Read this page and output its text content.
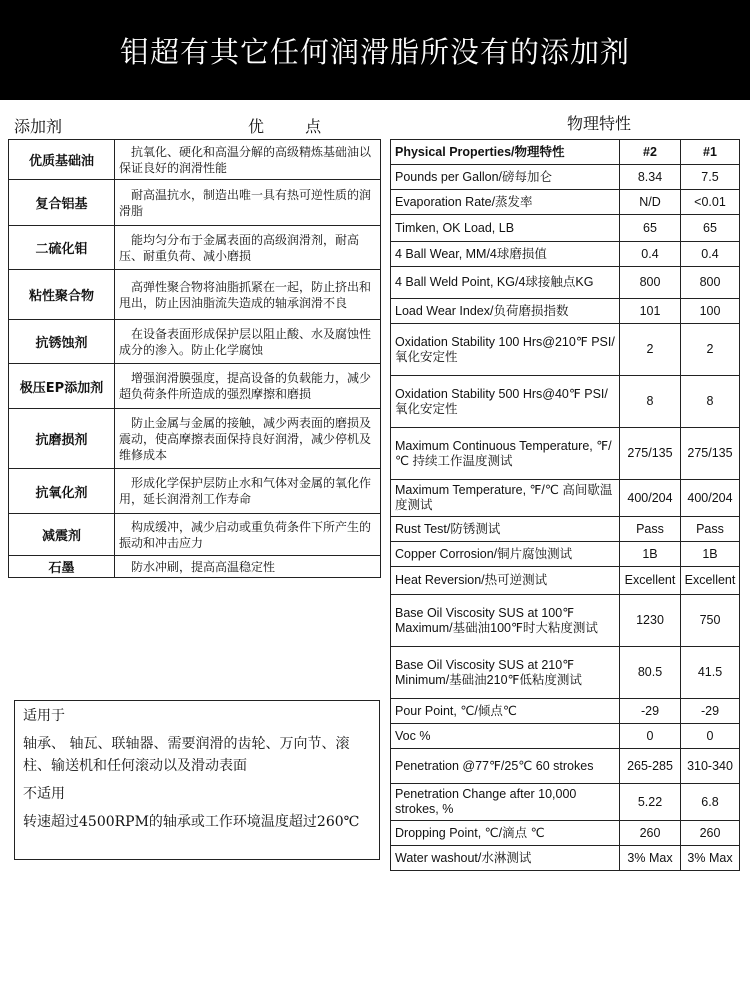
钼超有其它任何润滑脂所没有的添加剂
添加剂	优 点	物理特性
优质基础油	抗氧化、硬化和高温分解的高级精炼基础油以保证良好的润滑性能
复合铝基	耐高温抗水，制造出唯一具有热可逆性质的润滑脂
二硫化钼	能均匀分布于金属表面的高级润滑剂，耐高压、耐重负荷、减小磨损
粘性聚合物	高弹性聚合物将油脂抓紧在一起，防止挤出和甩出，防止因油脂流失造成的轴承润滑不良
抗锈蚀剂	在设备表面形成保护层以阻止酸、水及腐蚀性成分的渗入。防止化学腐蚀
极压EP添加剂	增强润滑膜强度，提高设备的负载能力，减少超负荷条件所造成的强烈摩擦和磨损
抗磨损剂	防止金属与金属的接触，减少两表面的磨损及震动，使高摩擦表面保持良好润滑，减少停机及维修成本
抗氧化剂	形成化学保护层防止水和气体对金属的氧化作用，延长润滑剂工作寿命
减震剂	构成缓冲，减少启动或重负荷条件下所产生的振动和冲击应力
石墨	防水冲刷，提高高温稳定性

适用于

轴承、 轴瓦、联轴器、需要润滑的齿轮、万向节、滚柱、输送机和任何滚动以及滑动表面

不适用

转速超过4500RPM的轴承或工作环境温度超过260℃

Physical Properties/物理特性	#2	#1
Pounds per Gallon/磅每加仑	8.34	7.5
Evaporation Rate/蒸发率	N/D	<0.01
Timken, OK Load, LB	65	65
4 Ball Wear, MM/4球磨损值	0.4	0.4
4 Ball Weld Point, KG/4球接触点KG	800	800
Load Wear Index/负荷磨损指数	101	100
Oxidation Stability 100 Hrs@210℉ PSI/氧化安定性	2	2
Oxidation Stability 500 Hrs@40℉ PSI/氧化安定性	8	8
Maximum Continuous Temperature, ℉/℃ 持续工作温度测试	275/135	275/135
Maximum Temperature, ℉/℃ 高间歇温度测试	400/204	400/204
Rust Test/防锈测试	Pass	Pass
Copper Corrosion/铜片腐蚀测试	1B	1B
Heat Reversion/热可逆测试	Excellent	Excellent
Base Oil Viscosity SUS at 100℉ Maximum/基础油100℉时大粘度测试	1230	750
Base Oil Viscosity SUS at 210℉ Minimum/基础油210℉低粘度测试	80.5	41.5
Pour Point, ℃/倾点℃	-29	-29
Voc %	0	0
Penetration @77℉/25℃ 60 strokes	265-285	310-340
Penetration Change after 10,000 strokes, %	5.22	6.8
Dropping Point, ℃/滴点 ℃	260	260
Water washout/水淋测试	3% Max	3% Max
